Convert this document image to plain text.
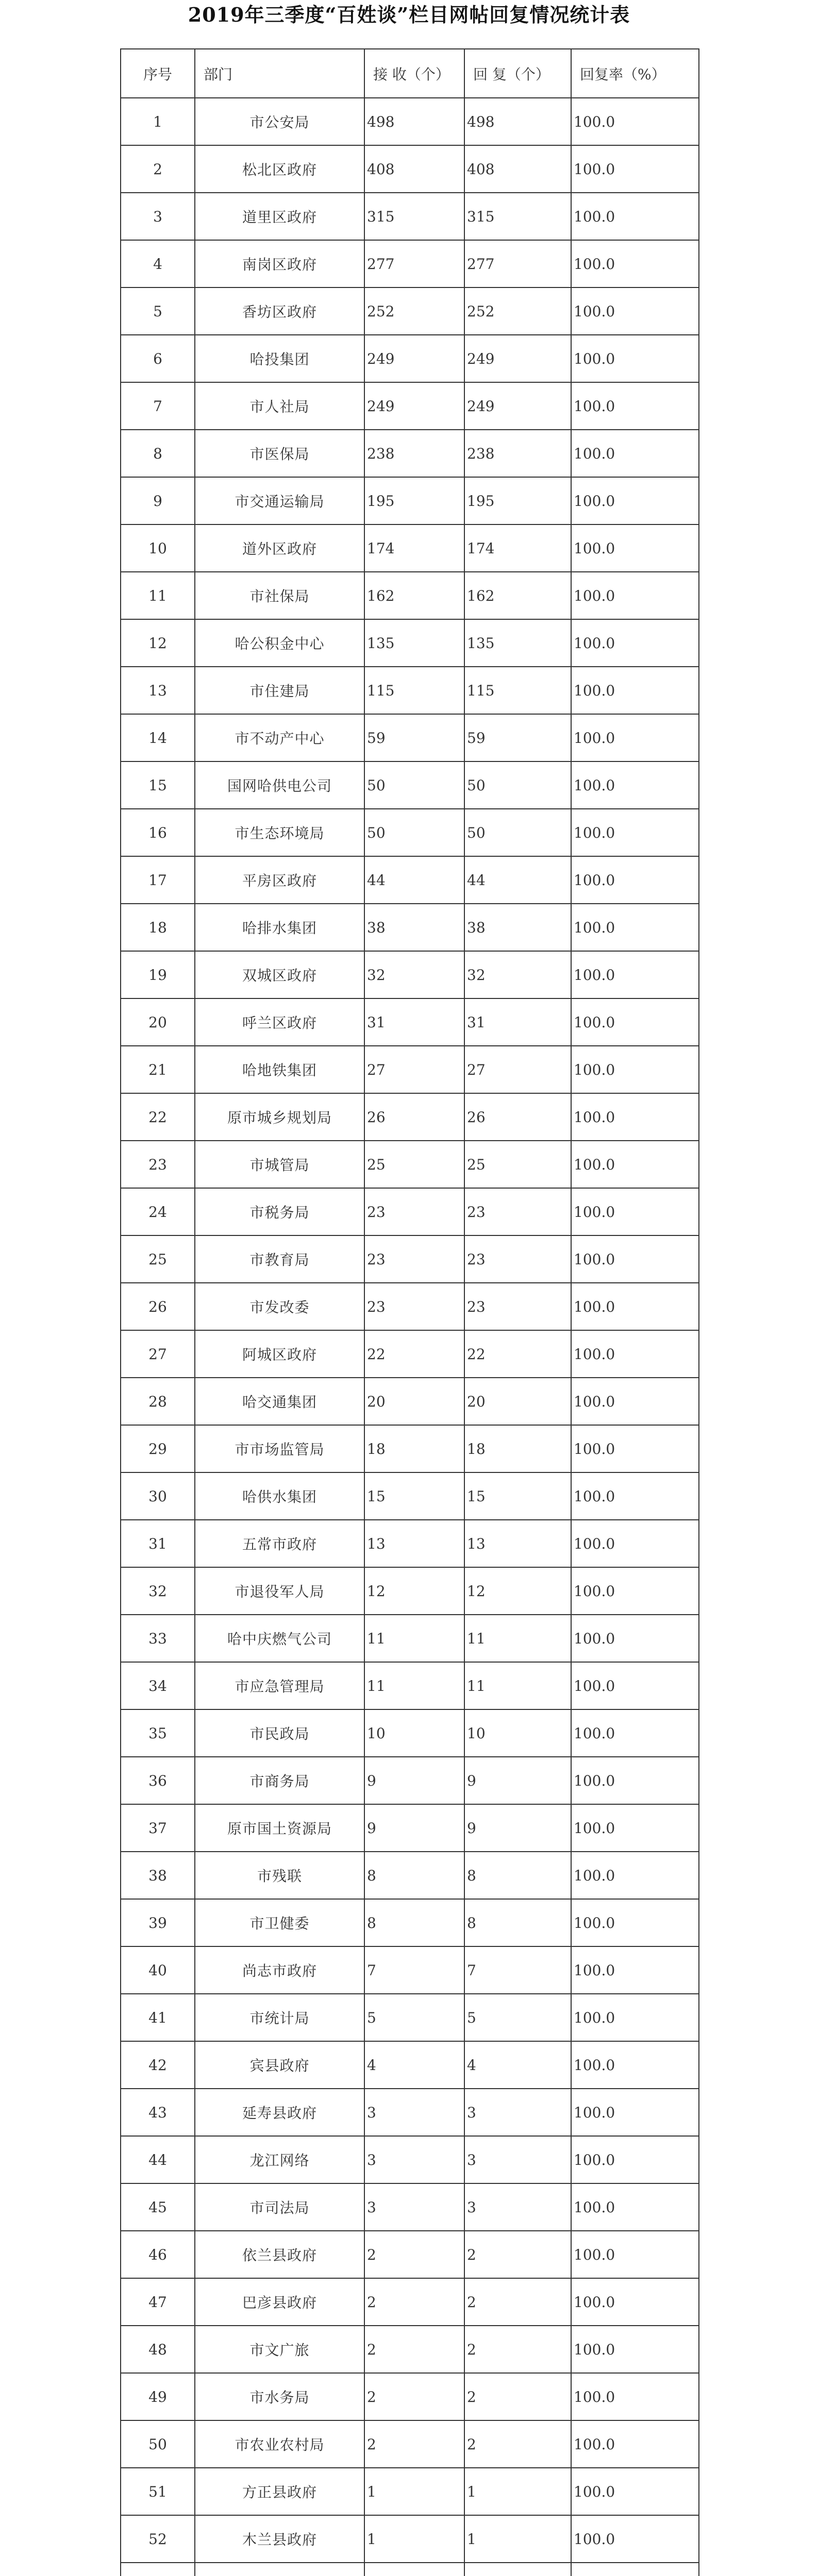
2019年三季度“百姓谈”栏目网帖回复情况统计表
序号	部门	接 收（个）	回 复（个）	回复率（%）
1	市公安局	498	498	100.0
2	松北区政府	408	408	100.0
3	道里区政府	315	315	100.0
4	南岗区政府	277	277	100.0
5	香坊区政府	252	252	100.0
6	哈投集团	249	249	100.0
7	市人社局	249	249	100.0
8	市医保局	238	238	100.0
9	市交通运输局	195	195	100.0
10	道外区政府	174	174	100.0
11	市社保局	162	162	100.0
12	哈公积金中心	135	135	100.0
13	市住建局	115	115	100.0
14	市不动产中心	59	59	100.0
15	国网哈供电公司	50	50	100.0
16	市生态环境局	50	50	100.0
17	平房区政府	44	44	100.0
18	哈排水集团	38	38	100.0
19	双城区政府	32	32	100.0
20	呼兰区政府	31	31	100.0
21	哈地铁集团	27	27	100.0
22	原市城乡规划局	26	26	100.0
23	市城管局	25	25	100.0
24	市税务局	23	23	100.0
25	市教育局	23	23	100.0
26	市发改委	23	23	100.0
27	阿城区政府	22	22	100.0
28	哈交通集团	20	20	100.0
29	市市场监管局	18	18	100.0
30	哈供水集团	15	15	100.0
31	五常市政府	13	13	100.0
32	市退役军人局	12	12	100.0
33	哈中庆燃气公司	11	11	100.0
34	市应急管理局	11	11	100.0
35	市民政局	10	10	100.0
36	市商务局	9	9	100.0
37	原市国土资源局	9	9	100.0
38	市残联	8	8	100.0
39	市卫健委	8	8	100.0
40	尚志市政府	7	7	100.0
41	市统计局	5	5	100.0
42	宾县政府	4	4	100.0
43	延寿县政府	3	3	100.0
44	龙江网络	3	3	100.0
45	市司法局	3	3	100.0
46	依兰县政府	2	2	100.0
47	巴彦县政府	2	2	100.0
48	市文广旅	2	2	100.0
49	市水务局	2	2	100.0
50	市农业农村局	2	2	100.0
51	方正县政府	1	1	100.0
52	木兰县政府	1	1	100.0
